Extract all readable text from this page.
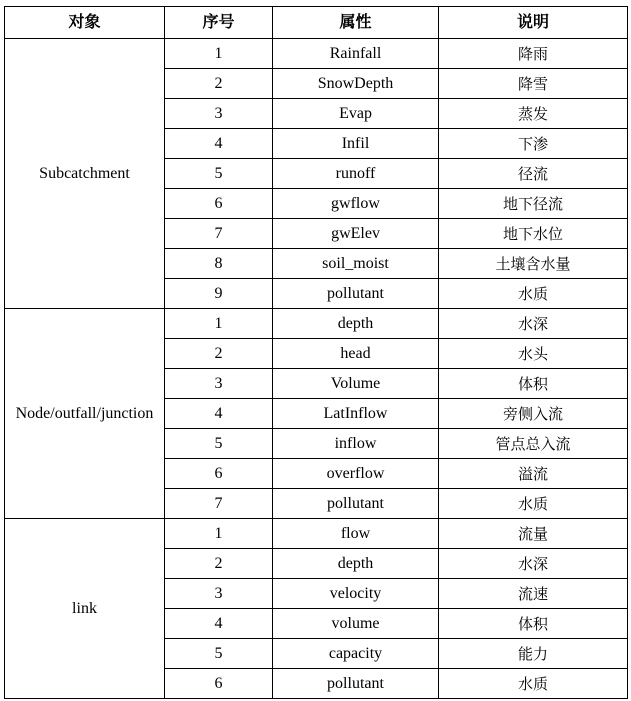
对象	序号	属性	说明
Subcatchment	1	Rainfall	降雨
	2	SnowDepth	降雪
	3	Evap	蒸发
	4	Infil	下渗
	5	runoff	径流
	6	gwflow	地下径流
	7	gwElev	地下水位
	8	soil_moist	土壤含水量
	9	pollutant	水质
Node/outfall/junction	1	depth	水深
	2	head	水头
	3	Volume	体积
	4	LatInflow	旁侧入流
	5	inflow	管点总入流
	6	overflow	溢流
	7	pollutant	水质
link	1	flow	流量
	2	depth	水深
	3	velocity	流速
	4	volume	体积
	5	capacity	能力
	6	pollutant	水质
